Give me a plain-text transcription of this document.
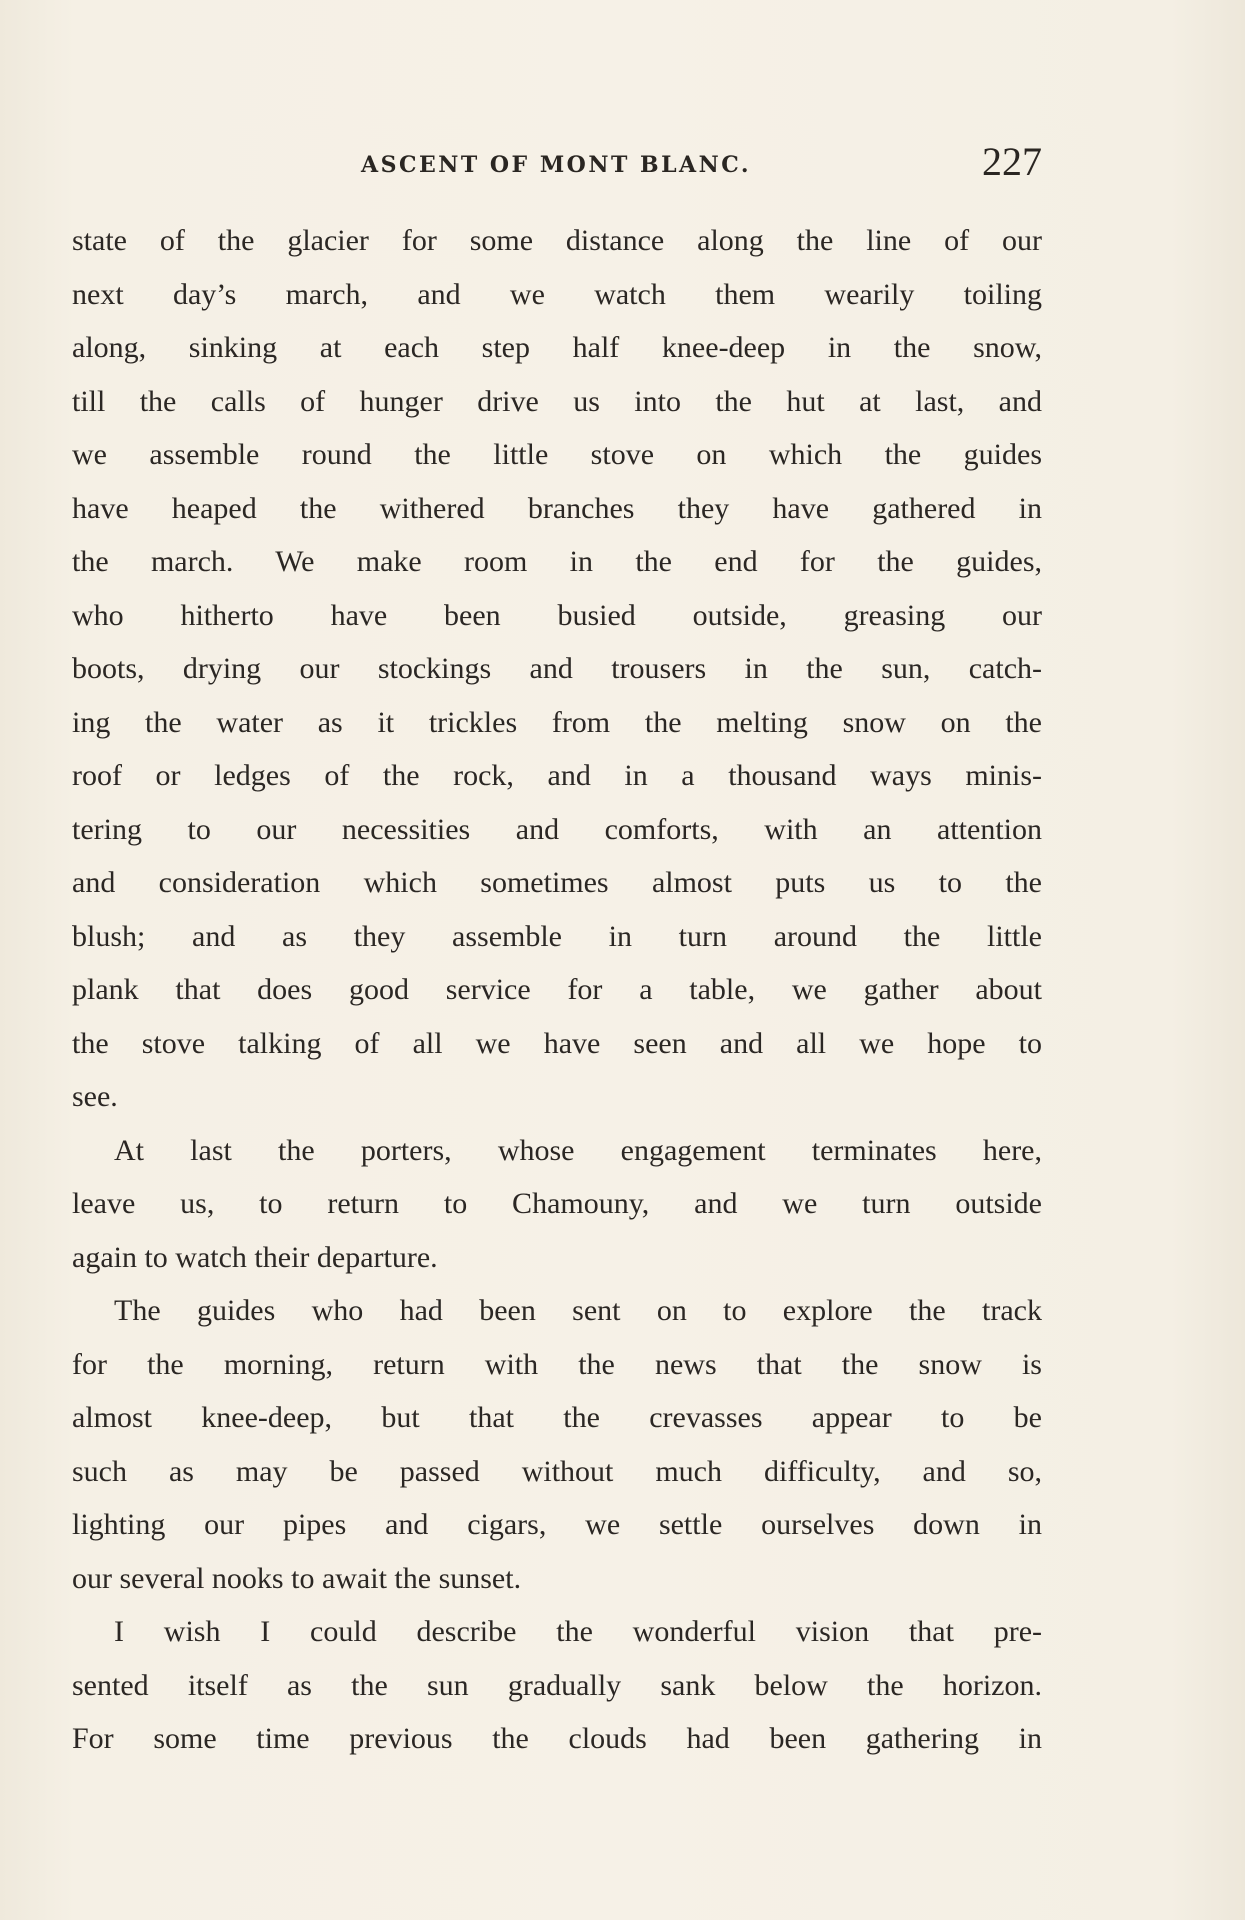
ASCENT OF MONT BLANC.	227
state of the glacier for some distance along the line of our
next day’s march, and we watch them wearily toiling
along, sinking at each step half knee-deep in the snow,
till the calls of hunger drive us into the hut at last, and
we assemble round the little stove on which the guides
have heaped the withered branches they have gathered in
the march. We make room in the end for the guides,
who hitherto have been busied outside, greasing our
boots, drying our stockings and trousers in the sun, catch-
ing the water as it trickles from the melting snow on the
roof or ledges of the rock, and in a thousand ways minis-
tering to our necessities and comforts, with an attention
and consideration which sometimes almost puts us to the
blush; and as they assemble in turn around the little
plank that does good service for a table, we gather about
the stove talking of all we have seen and all we hope to
see.
At last the porters, whose engagement terminates here,
leave us, to return to Chamouny, and we turn outside
again to watch their departure.
The guides who had been sent on to explore the track
for the morning, return with the news that the snow is
almost knee-deep, but that the crevasses appear to be
such as may be passed without much difficulty, and so,
lighting our pipes and cigars, we settle ourselves down in
our several nooks to await the sunset.
I wish I could describe the wonderful vision that pre-
sented itself as the sun gradually sank below the horizon.
For some time previous the clouds had been gathering in
